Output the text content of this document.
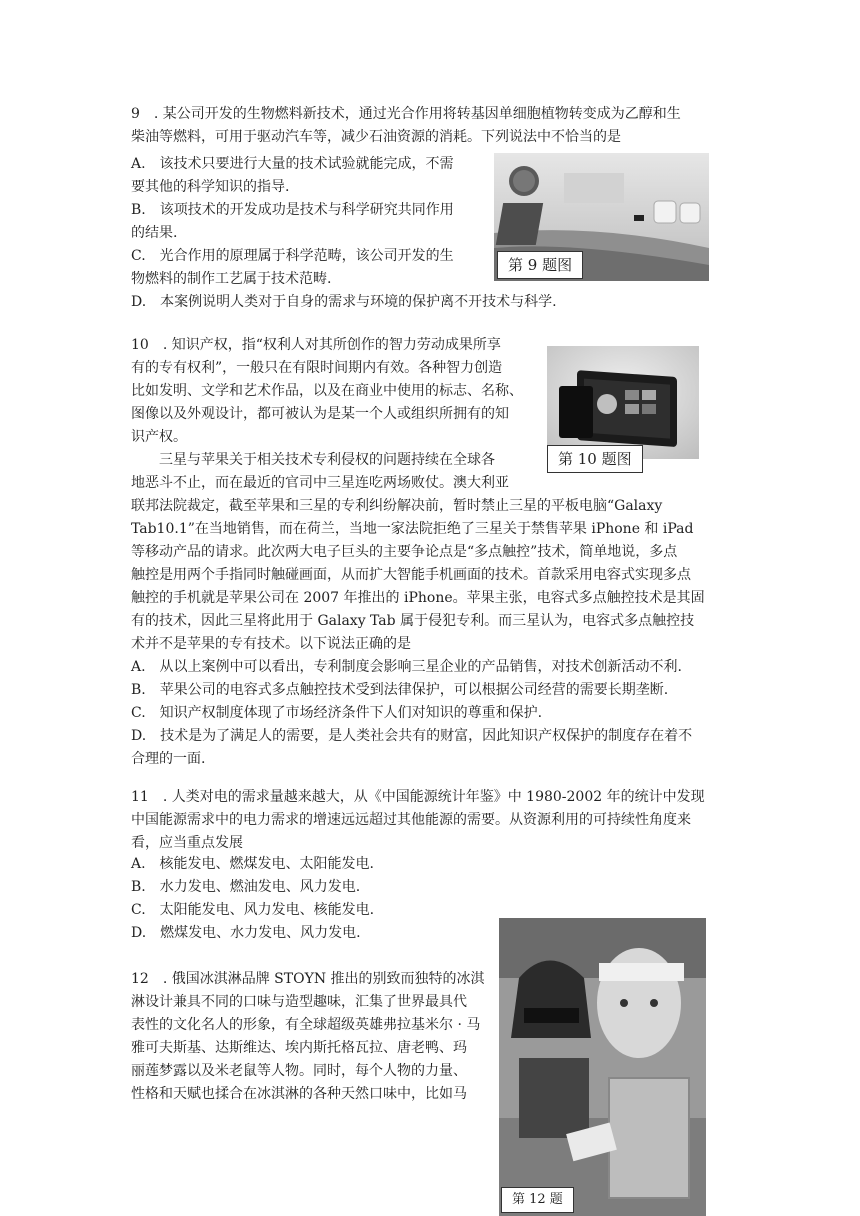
9　. 某公司开发的生物燃料新技术，通过光合作用将转基因单细胞植物转变成为乙醇和生
柴油等燃料，可用于驱动汽车等，减少石油资源的消耗。下列说法中不恰当的是
A.　该技术只要进行大量的技术试验就能完成，不需
要其他的科学知识的指导.
B.　该项技术的开发成功是技术与科学研究共同作用
的结果.
C.　光合作用的原理属于科学范畴，该公司开发的生
物燃料的制作工艺属于技术范畴.
D.　本案例说明人类对于自身的需求与环境的保护离不开技术与科学.
第 9 题图
10　. 知识产权，指“权利人对其所创作的智力劳动成果所享
有的专有权利”，一般只在有限时间期内有效。各种智力创造
比如发明、文学和艺术作品，以及在商业中使用的标志、名称、
图像以及外观设计，都可被认为是某一个人或组织所拥有的知
识产权。
　　三星与苹果关于相关技术专利侵权的问题持续在全球各
地恶斗不止，而在最近的官司中三星连吃两场败仗。澳大利亚
联邦法院裁定，截至苹果和三星的专利纠纷解决前，暂时禁止三星的平板电脑“Galaxy
Tab10.1”在当地销售，而在荷兰，当地一家法院拒绝了三星关于禁售苹果 iPhone 和 iPad
等移动产品的请求。此次两大电子巨头的主要争论点是“多点触控”技术，简单地说，多点
触控是用两个手指同时触碰画面，从而扩大智能手机画面的技术。首款采用电容式实现多点
触控的手机就是苹果公司在 2007 年推出的 iPhone。苹果主张，电容式多点触控技术是其固
有的技术，因此三星将此用于 Galaxy Tab 属于侵犯专利。而三星认为，电容式多点触控技
术并不是苹果的专有技术。以下说法正确的是
A.　从以上案例中可以看出，专利制度会影响三星企业的产品销售，对技术创新活动不利.
B.　苹果公司的电容式多点触控技术受到法律保护，可以根据公司经营的需要长期垄断.
C.　知识产权制度体现了市场经济条件下人们对知识的尊重和保护.
D.　技术是为了满足人的需要，是人类社会共有的财富，因此知识产权保护的制度存在着不
合理的一面.
第 10 题图
11　. 人类对电的需求量越来越大，从《中国能源统计年鉴》中 1980-2002 年的统计中发现
中国能源需求中的电力需求的增速远远超过其他能源的需要。从资源利用的可持续性角度来
看，应当重点发展
A.　核能发电、燃煤发电、太阳能发电.
B.　水力发电、燃油发电、风力发电.
C.　太阳能发电、风力发电、核能发电.
D.　燃煤发电、水力发电、风力发电.
12　. 俄国冰淇淋品牌 STOYN 推出的别致而独特的冰淇
淋设计兼具不同的口味与造型趣味，汇集了世界最具代
表性的文化名人的形象，有全球超级英雄弗拉基米尔 · 马
雅可夫斯基、达斯维达、埃内斯托格瓦拉、唐老鸭、玛
丽莲梦露以及米老鼠等人物。同时，每个人物的力量、
性格和天赋也揉合在冰淇淋的各种天然口味中，比如马
第 12 题
